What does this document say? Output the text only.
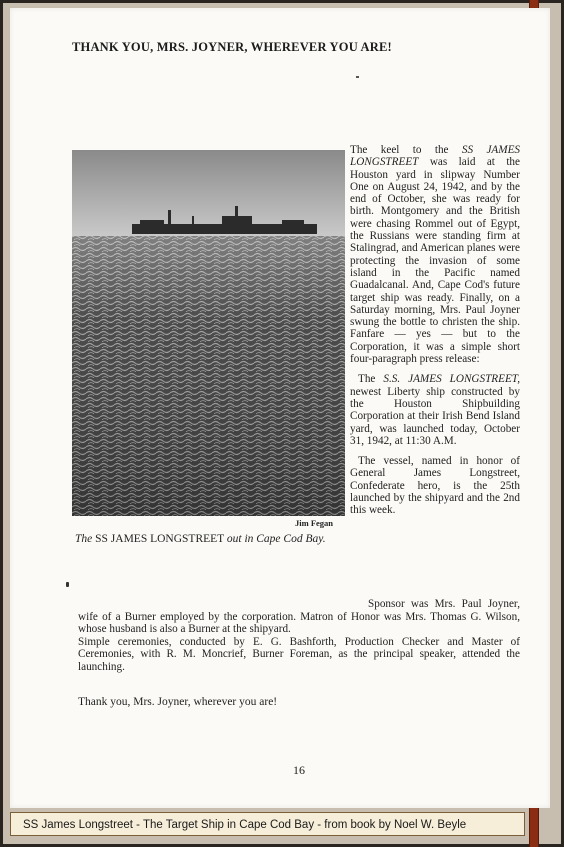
THANK YOU, MRS. JOYNER, WHEREVER YOU ARE!
Jim Fegan
The SS JAMES LONGSTREET out in Cape Cod Bay.

The keel to the SS JAMES LONGSTREET was laid at the Houston yard in slipway Number One on August 24, 1942, and by the end of October, she was ready for birth. Montgomery and the British were chasing Rommel out of Egypt, the Russians were standing firm at Stalingrad, and American planes were protecting the invasion of some island in the Pacific named Guadalcanal. And, Cape Cod's future target ship was ready. Finally, on a Saturday morning, Mrs. Paul Joyner swung the bottle to christen the ship. Fanfare — yes — but to the Corporation, it was a simple short four-paragraph press release:

The S.S. JAMES LONGSTREET, newest Liberty ship constructed by the Houston Shipbuilding Corporation at their Irish Bend Island yard, was launched today, October 31, 1942, at 11:30 A.M.

The vessel, named in honor of General James Longstreet, Confederate hero, is the 25th launched by the shipyard and the 2nd this week.

Sponsor was Mrs. Paul Joyner, wife of a Burner employed by the corporation. Matron of Honor was Mrs. Thomas G. Wilson, whose husband is also a Burner at the shipyard.

Simple ceremonies, conducted by E. G. Bashforth, Production Checker and Master of Ceremonies, with R. M. Moncrief, Burner Foreman, as the principal speaker, attended the launching.

Thank you, Mrs. Joyner, wherever you are!
16
SS James Longstreet - The Target Ship in Cape Cod Bay - from book by Noel W. Beyle
